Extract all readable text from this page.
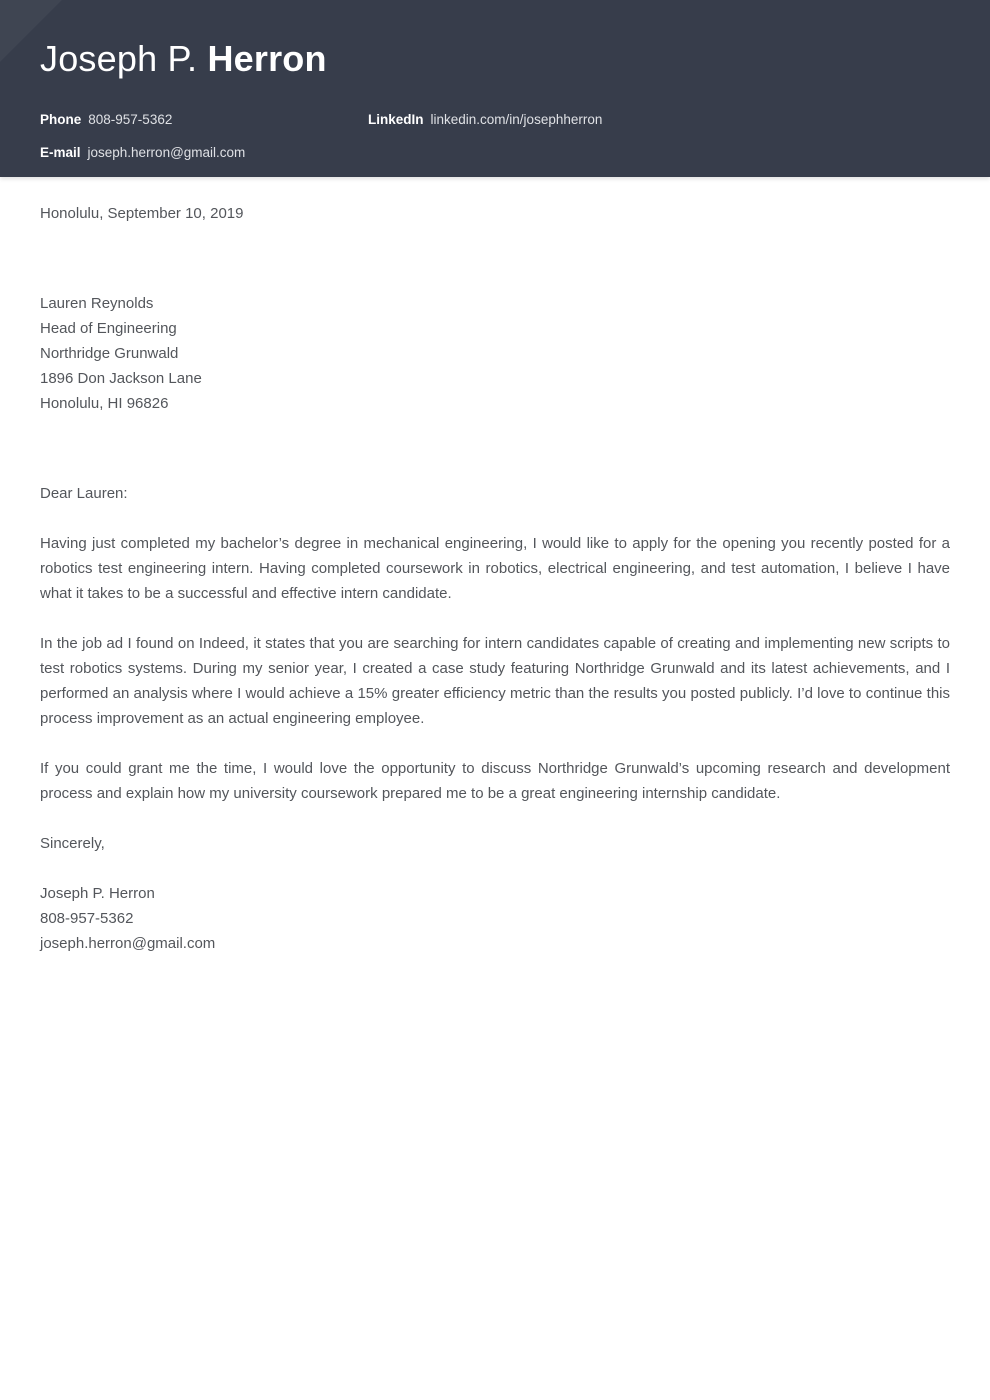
Joseph P. Herron
Phone 808-957-5362	LinkedIn linkedin.com/in/josephherron
E-mail joseph.herron@gmail.com
Honolulu, September 10, 2019
Lauren Reynolds
Head of Engineering
Northridge Grunwald
1896 Don Jackson Lane
Honolulu, HI 96826
Dear Lauren:

Having just completed my bachelor’s degree in mechanical engineering, I would like to apply for the opening you recently posted for a robotics test engineering intern. Having completed coursework in robotics, electrical engineering, and test automation, I believe I have what it takes to be a successful and effective intern candidate.

In the job ad I found on Indeed, it states that you are searching for intern candidates capable of creating and implementing new scripts to test robotics systems. During my senior year, I created a case study featuring Northridge Grunwald and its latest achievements, and I performed an analysis where I would achieve a 15% greater efficiency metric than the results you posted publicly. I’d love to continue this process improvement as an actual engineering employee.

If you could grant me the time, I would love the opportunity to discuss Northridge Grunwald’s upcoming research and development process and explain how my university coursework prepared me to be a great engineering internship candidate.

Sincerely,
Joseph P. Herron
808-957-5362
joseph.herron@gmail.com
